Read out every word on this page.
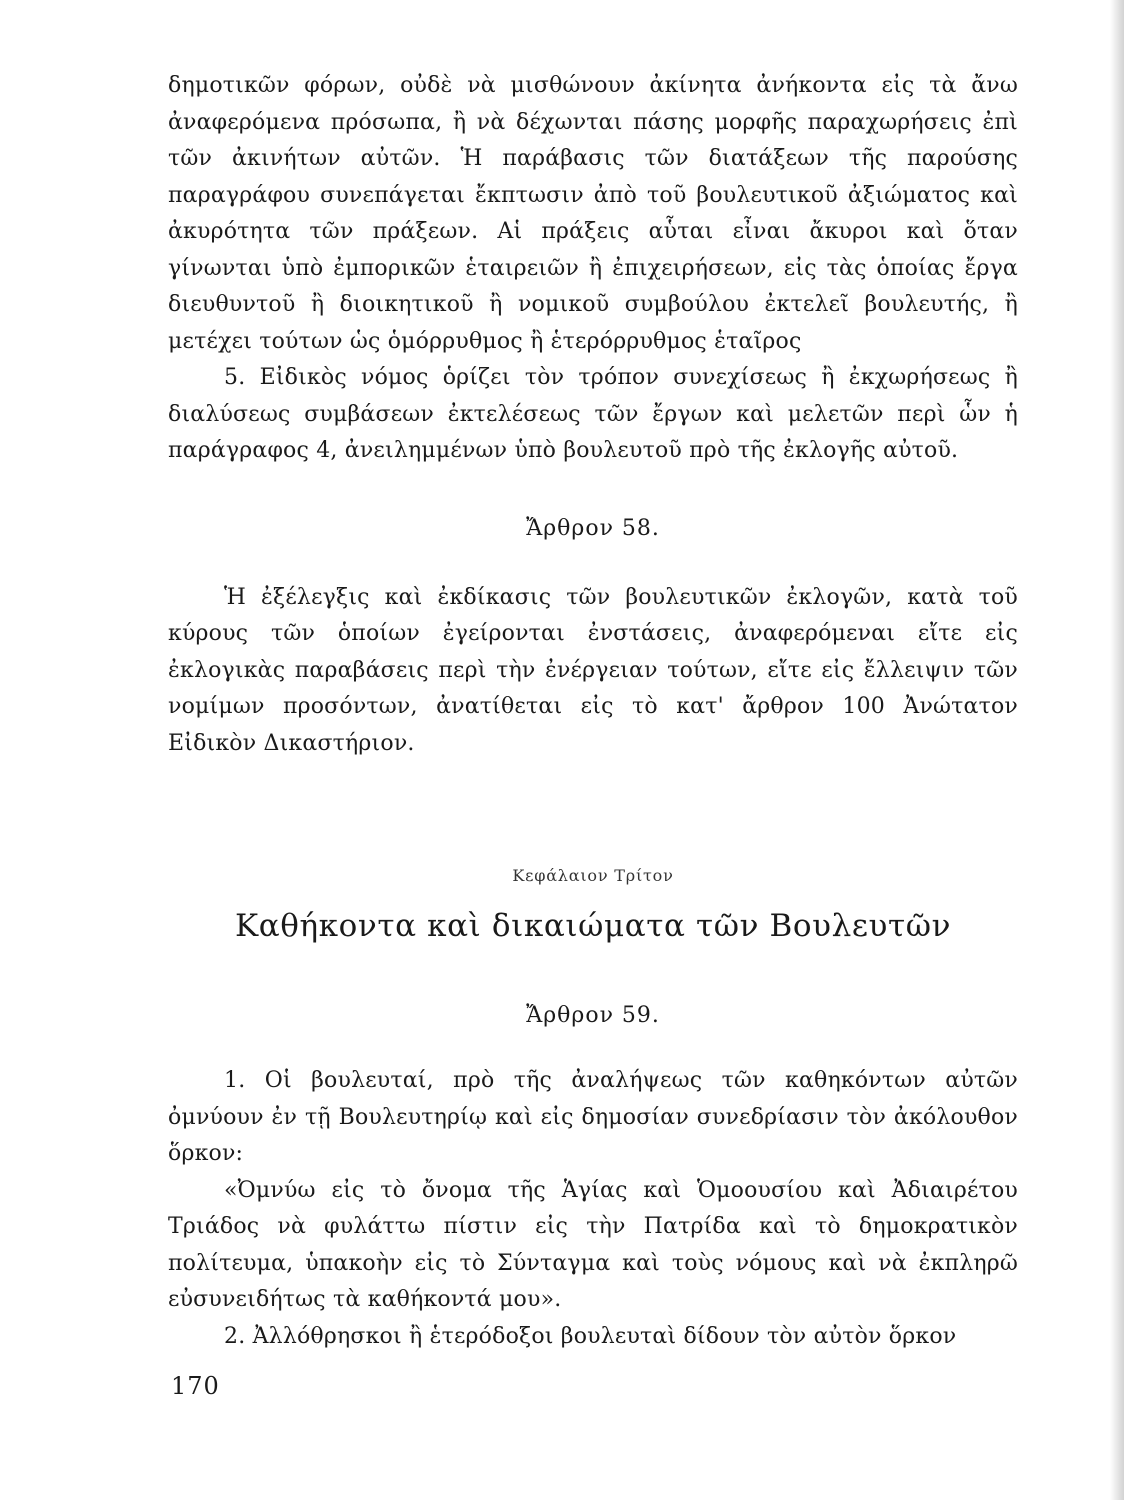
δημοτικῶν φόρων, οὐδὲ νὰ μισθώνουν ἀκίνητα ἀνήκοντα εἰς τὰ ἄνω ἀναφερόμενα πρόσωπα, ἢ νὰ δέχωνται πάσης μορφῆς παραχωρήσεις ἐπὶ τῶν ἀκινήτων αὐτῶν. Ἡ παράβασις τῶν διατάξεων τῆς παρούσης παραγράφου συνεπάγεται ἔκπτωσιν ἀπὸ τοῦ βουλευτικοῦ ἀξιώματος καὶ ἀκυρότητα τῶν πράξεων. Αἱ πράξεις αὗται εἶναι ἄκυροι καὶ ὅταν γίνωνται ὑπὸ ἐμπορικῶν ἑταιρειῶν ἢ ἐπιχειρήσεων, εἰς τὰς ὁποίας ἔργα διευθυντοῦ ἢ διοικητικοῦ ἢ νομικοῦ συμβούλου ἐκτελεῖ βουλευτής, ἢ μετέχει τούτων ὡς ὁμόρρυθμος ἢ ἑτερόρρυθμος ἑταῖρος

5. Εἰδικὸς νόμος ὁρίζει τὸν τρόπον συνεχίσεως ἢ ἐκχωρήσεως ἢ διαλύσεως συμβάσεων ἐκτελέσεως τῶν ἔργων καὶ μελετῶν περὶ ὧν ἡ παράγραφος 4, ἀνειλημμένων ὑπὸ βουλευτοῦ πρὸ τῆς ἐκλογῆς αὐτοῦ.

Ἄρθρον 58.

Ἡ ἐξέλεγξις καὶ ἐκδίκασις τῶν βουλευτικῶν ἐκλογῶν, κατὰ τοῦ κύρους τῶν ὁποίων ἐγείρονται ἐνστάσεις, ἀναφερόμεναι εἴτε εἰς ἐκλογικὰς παραβάσεις περὶ τὴν ἐνέργειαν τούτων, εἴτε εἰς ἔλλειψιν τῶν νομίμων προσόντων, ἀνατίθεται εἰς τὸ κατ' ἄρθρον 100 Ἀνώτατον Εἰδικὸν Δικαστήριον.

Κεφάλαιον Τρίτον

Καθήκοντα καὶ δικαιώματα τῶν Βουλευτῶν

Ἄρθρον 59.

1. Οἱ βουλευταί, πρὸ τῆς ἀναλήψεως τῶν καθηκόντων αὐτῶν ὀμνύουν ἐν τῇ Βουλευτηρίῳ καὶ εἰς δημοσίαν συνεδρίασιν τὸν ἀκόλουθον ὅρκον:

«Ὀμνύω εἰς τὸ ὄνομα τῆς Ἁγίας καὶ Ὁμοουσίου καὶ Ἀδιαιρέτου Τριάδος νὰ φυλάττω πίστιν εἰς τὴν Πατρίδα καὶ τὸ δημοκρατικὸν πολίτευμα, ὑπακοὴν εἰς τὸ Σύνταγμα καὶ τοὺς νόμους καὶ νὰ ἐκπληρῶ εὐσυνειδήτως τὰ καθήκοντά μου».

2. Ἀλλόθρησκοι ἢ ἑτερόδοξοι βουλευταὶ δίδουν τὸν αὐτὸν ὅρκον

170
